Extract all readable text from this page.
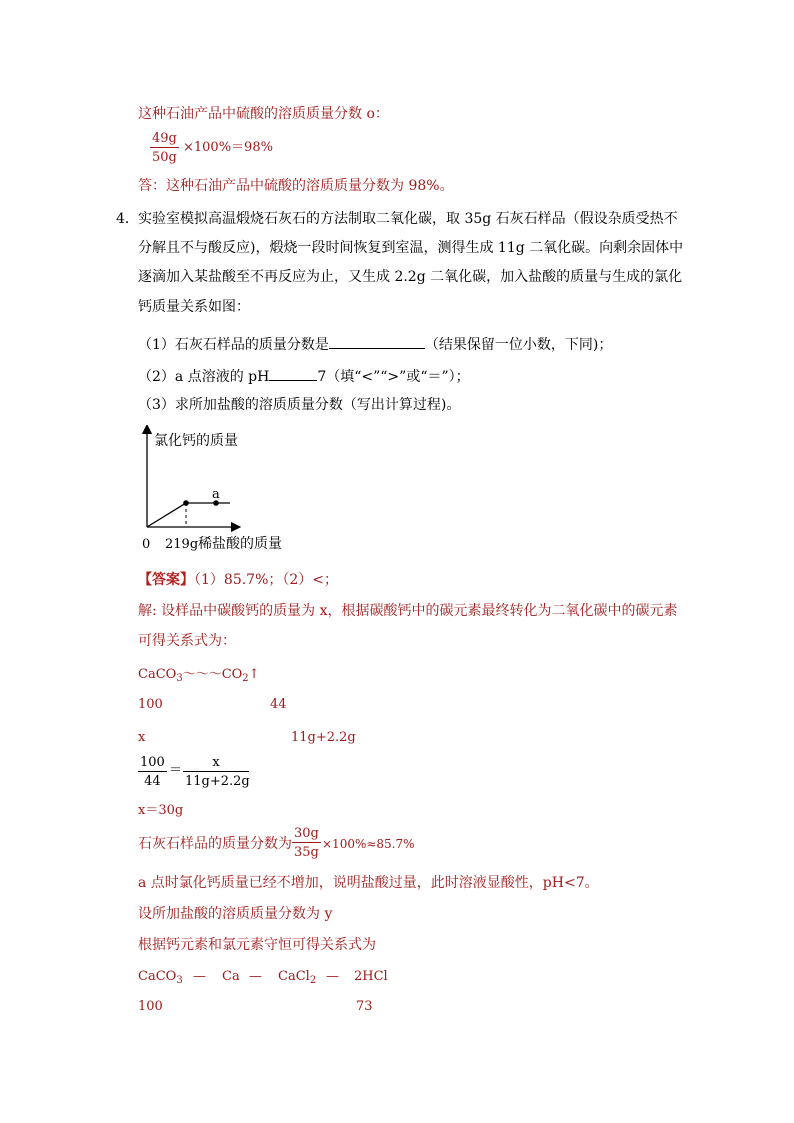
这种石油产品中硫酸的溶质质量分数 o：
49g
50g
×100%＝98%
答：这种石油产品中硫酸的溶质质量分数为 98%。
4． 实验室模拟高温煅烧石灰石的方法制取二氧化碳，取 35g 石灰石样品（假设杂质受热不
分解且不与酸反应)，煅烧一段时间恢复到室温，测得生成 11g 二氧化碳。向剩余固体中
逐滴加入某盐酸至不再反应为止，又生成 2.2g 二氧化碳，加入盐酸的质量与生成的氯化
钙质量关系如图：
（1）石灰石样品的质量分数是	（结果保留一位小数，下同)；
（2）a 点溶液的 pH	7（填“<”“>”或“＝”）；
（3）求所加盐酸的溶质质量分数（写出计算过程)。
a
氯化钙的质量
0 219g 稀盐酸的质量
【答案】（1）85.7%；（2）<；
解: 设样品中碳酸钙的质量为 x，根据碳酸钙中的碳元素最终转化为二氧化碳中的碳元素
可得关系式为：
$CaCO_3\sim\sim\sim CO_2↑$
100	44
x	11g+2.2g
100
44
＝
x
11g+2.2g
x＝30g
石灰石样品的质量分数为
30g
35g
×100%≈85.7%
a 点时氯化钙质量已经不增加，说明盐酸过量，此时溶液显酸性，pH<7。
设所加盐酸的溶质质量分数为 y
根据钙元素和氯元素守恒可得关系式为
CaCO$_3$ — Ca — CaCl$_2$ — 2HCl
100	73
